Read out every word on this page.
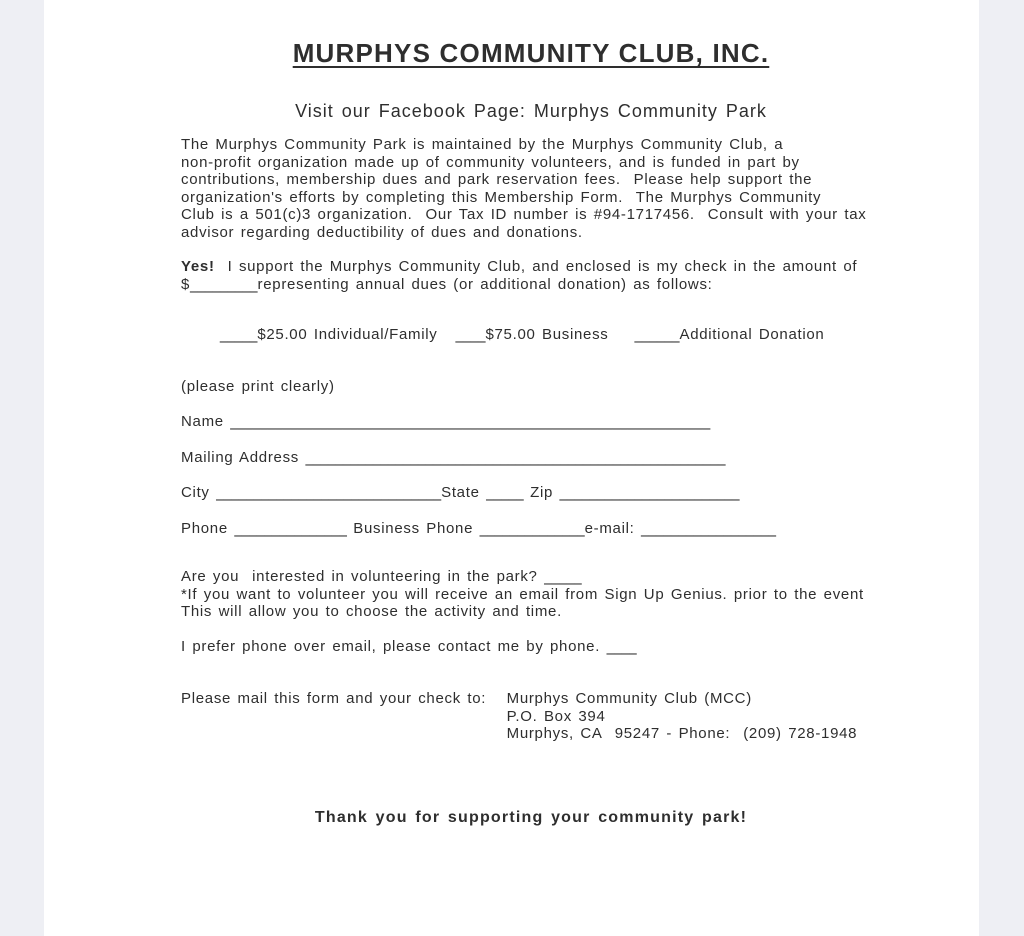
MURPHYS COMMUNITY CLUB, INC.
Visit our Facebook Page: Murphys Community Park
The Murphys Community Park is maintained by the Murphys Community Club, a
non-profit organization made up of community volunteers, and is funded in part by
contributions, membership dues and park reservation fees.  Please help support the
organization's efforts by completing this Membership Form.  The Murphys Community
Club is a 501(c)3 organization.  Our Tax ID number is #94-1717456.  Consult with your tax
advisor regarding deductibility of dues and donations.
Yes!  I support the Murphys Community Club, and enclosed is my check in the amount of
$_________representing annual dues (or additional donation) as follows:

_____$25.00 Individual/Family ____$75.00 Business ______Additional Donation

(please print clearly)
Name ________________________________________________________________
Mailing Address ________________________________________________________
City ______________________________State _____ Zip ________________________
Phone _______________ Business Phone ______________e-mail: __________________
Are you  interested in volunteering in the park? _____
*If you want to volunteer you will receive an email from Sign Up Genius. prior to the event
This will allow you to choose the activity and time.
I prefer phone over email, please contact me by phone. ____
Please mail this form and your check to: Murphys Community Club (MCC)
P.O. Box 394
Murphys, CA  95247 - Phone:  (209) 728-1948
Thank you for supporting your community park!
